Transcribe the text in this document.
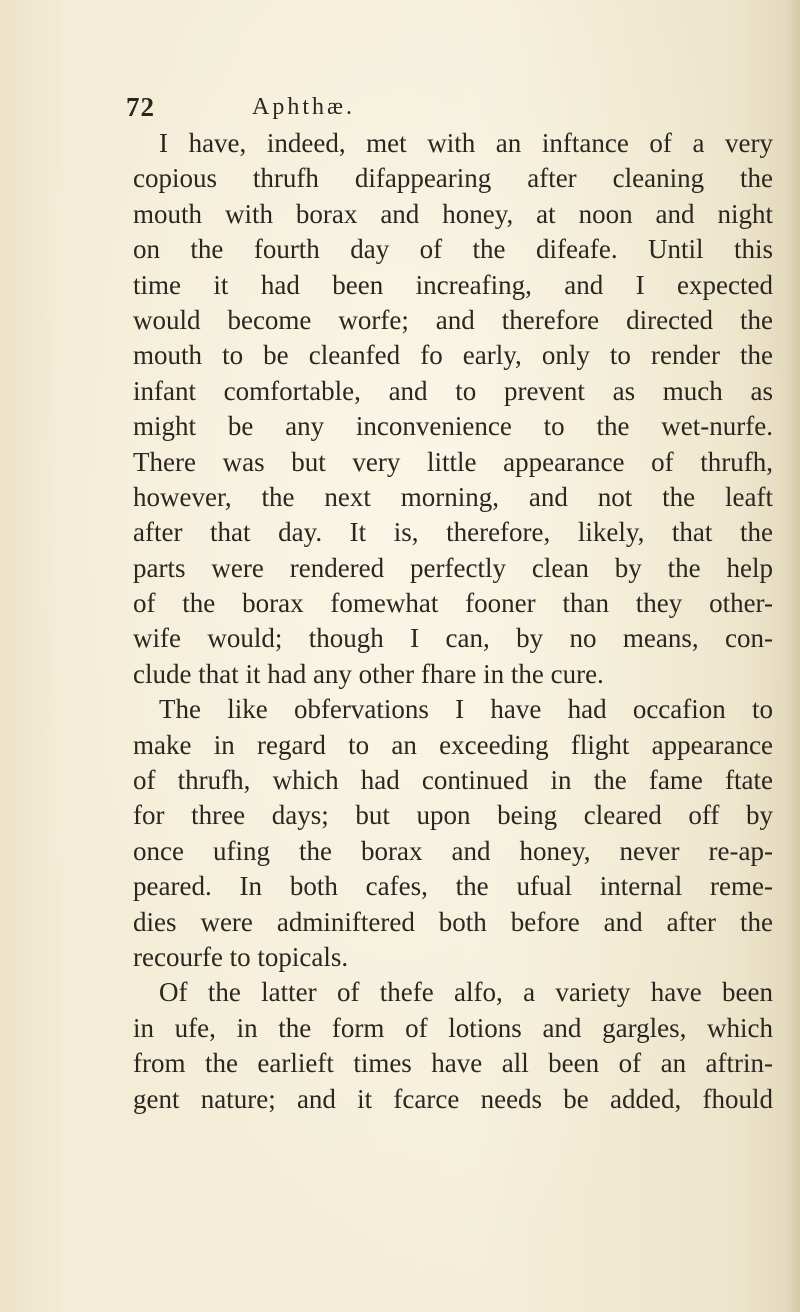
72	Aphthæ.
I have, indeed, met with an inftance of a very
copious thrufh difappearing after cleaning the
mouth with borax and honey, at noon and night
on the fourth day of the difeafe. Until this
time it had been increafing, and I expected
would become worfe; and therefore directed the
mouth to be cleanfed fo early, only to render the
infant comfortable, and to prevent as much as
might be any inconvenience to the wet-nurfe.
There was but very little appearance of thrufh,
however, the next morning, and not the leaft
after that day. It is, therefore, likely, that the
parts were rendered perfectly clean by the help
of the borax fomewhat fooner than they other-
wife would; though I can, by no means, con-
clude that it had any other fhare in the cure.
The like obfervations I have had occafion to
make in regard to an exceeding flight appearance
of thrufh, which had continued in the fame ftate
for three days; but upon being cleared off by
once ufing the borax and honey, never re-ap-
peared. In both cafes, the ufual internal reme-
dies were adminiftered both before and after the
recourfe to topicals.
Of the latter of thefe alfo, a variety have been
in ufe, in the form of lotions and gargles, which
from the earlieft times have all been of an aftrin-
gent nature; and it fcarce needs be added, fhould
